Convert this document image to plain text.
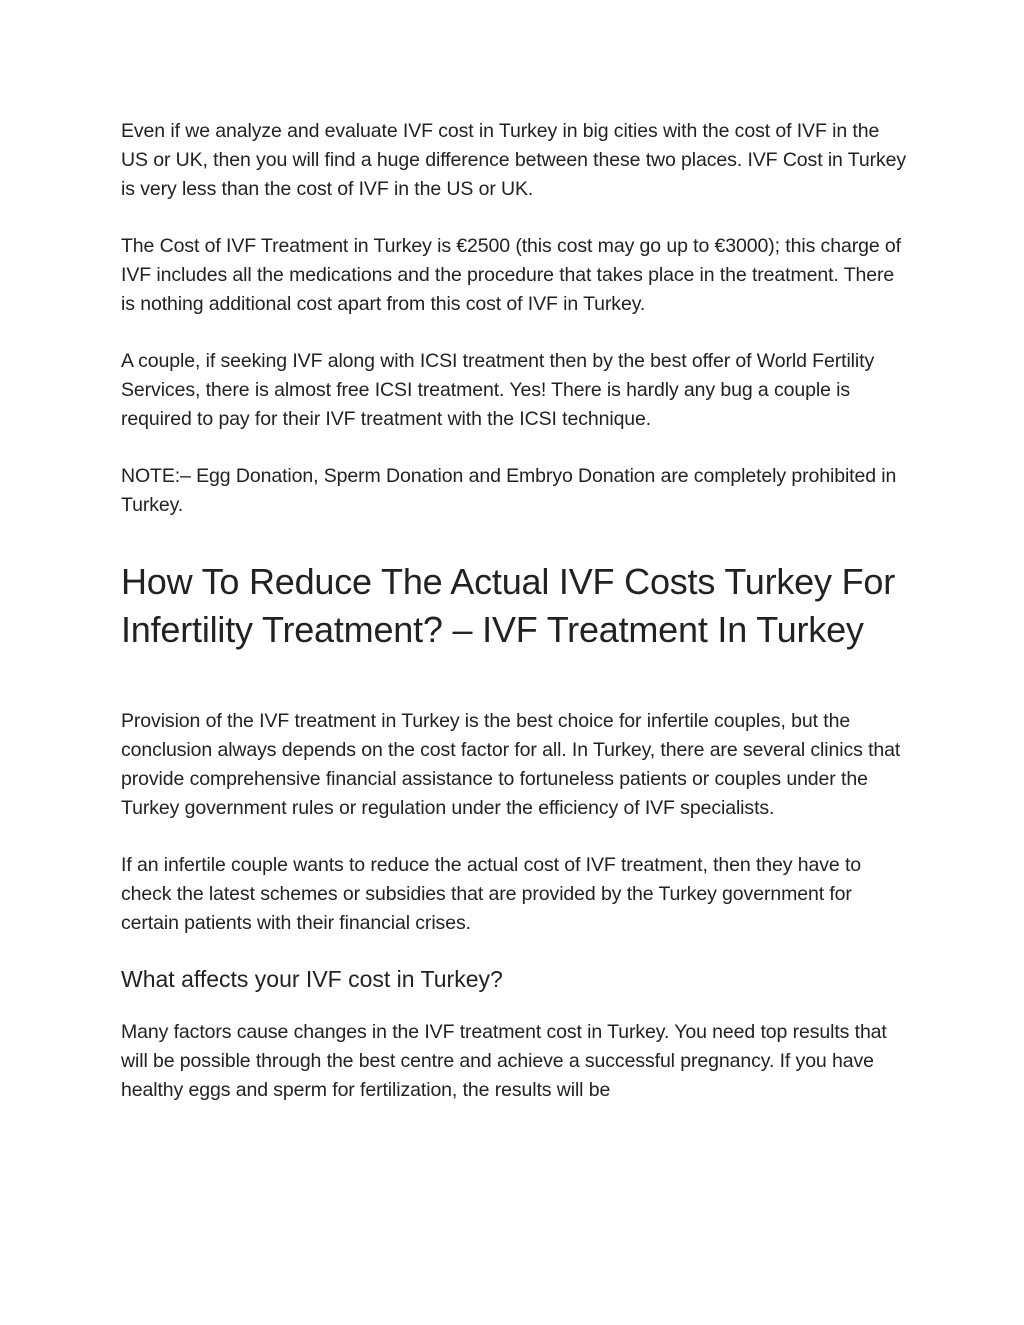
Even if we analyze and evaluate IVF cost in Turkey in big cities with the cost of IVF in the US or UK, then you will find a huge difference between these two places. IVF Cost in Turkey is very less than the cost of IVF in the US or UK.

The Cost of IVF Treatment in Turkey is €2500 (this cost may go up to €3000); this charge of IVF includes all the medications and the procedure that takes place in the treatment. There is nothing additional cost apart from this cost of IVF in Turkey.

A couple, if seeking IVF along with ICSI treatment then by the best offer of World Fertility Services, there is almost free ICSI treatment. Yes! There is hardly any bug a couple is required to pay for their IVF treatment with the ICSI technique.

NOTE:– Egg Donation, Sperm Donation and Embryo Donation are completely prohibited in Turkey.

How To Reduce The Actual IVF Costs Turkey For Infertility Treatment? – IVF Treatment In Turkey

Provision of the IVF treatment in Turkey is the best choice for infertile couples, but the conclusion always depends on the cost factor for all. In Turkey, there are several clinics that provide comprehensive financial assistance to fortuneless patients or couples under the Turkey government rules or regulation under the efficiency of IVF specialists.

If an infertile couple wants to reduce the actual cost of IVF treatment, then they have to check the latest schemes or subsidies that are provided by the Turkey government for certain patients with their financial crises.

What affects your IVF cost in Turkey?

Many factors cause changes in the IVF treatment cost in Turkey. You need top results that will be possible through the best centre and achieve a successful pregnancy. If you have healthy eggs and sperm for fertilization, the results will be
